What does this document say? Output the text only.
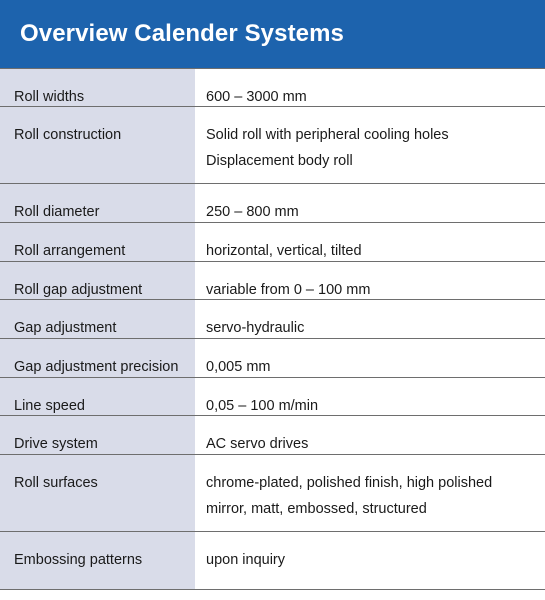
Overview Calender Systems
Roll widths	600 – 3000 mm
Roll construction	Solid roll with peripheral cooling holes
Displacement body roll
Roll diameter	250 – 800 mm
Roll arrangement	horizontal, vertical, tilted
Roll gap adjustment	variable from 0 – 100 mm
Gap adjustment	servo-hydraulic
Gap adjustment precision	0,005 mm
Line speed	0,05 – 100 m/min
Drive system	AC servo drives
Roll surfaces	chrome-plated, polished finish, high polished
mirror, matt, embossed, structured
Embossing patterns	upon inquiry
